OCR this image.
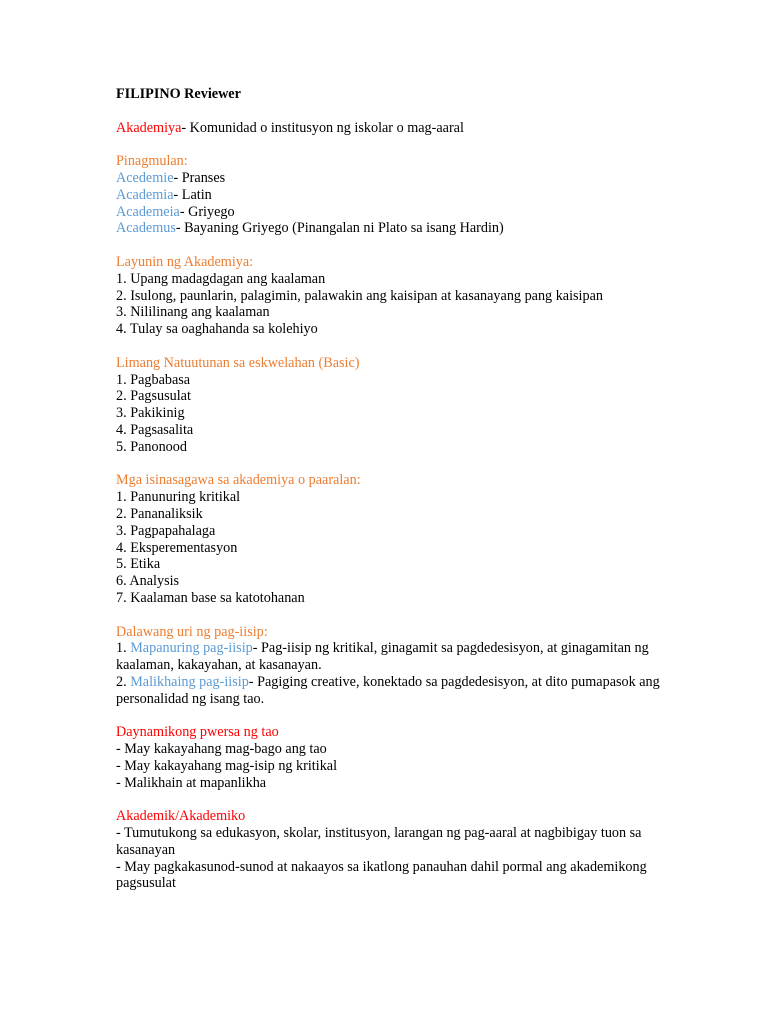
FILIPINO Reviewer
Akademiya- Komunidad o institusyon ng iskolar o mag-aaral
Pinagmulan:
Acedemie- Pranses
Academia- Latin
Academeia- Griyego
Academus- Bayaning Griyego (Pinangalan ni Plato sa isang Hardin)
Layunin ng Akademiya:
1. Upang madagdagan ang kaalaman
2. Isulong, paunlarin, palagimin, palawakin ang kaisipan at kasanayang pang kaisipan
3. Nililinang ang kaalaman
4. Tulay sa oaghahanda sa kolehiyo
Limang Natuutunan sa eskwelahan (Basic)
1. Pagbabasa
2. Pagsusulat
3. Pakikinig
4. Pagsasalita
5. Panonood
Mga isinasagawa sa akademiya o paaralan:
1. Panunuring kritikal
2. Pananaliksik
3. Pagpapahalaga
4. Eksperementasyon
5. Etika
6. Analysis
7. Kaalaman base sa katotohanan
Dalawang uri ng pag-iisip:
1. Mapanuring pag-iisip- Pag-iisip ng kritikal, ginagamit sa pagdedesisyon, at ginagamitan ng kaalaman, kakayahan, at kasanayan.
2. Malikhaing pag-iisip- Pagiging creative, konektado sa pagdedesisyon, at dito pumapasok ang personalidad ng isang tao.
Daynamikong pwersa ng tao
- May kakayahang mag-bago ang tao
- May kakayahang mag-isip ng kritikal
- Malikhain at mapanlikha
Akademik/Akademiko
- Tumutukong sa edukasyon, skolar, institusyon, larangan ng pag-aaral at nagbibigay tuon sa kasanayan
- May pagkakasunod-sunod at nakaayos sa ikatlong panauhan dahil pormal ang akademikong pagsusulat
